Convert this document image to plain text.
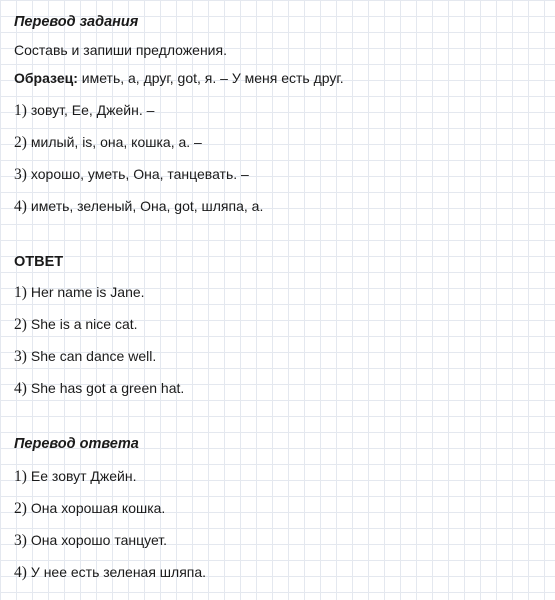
Перевод задания
Составь и запиши предложения.
Образец: иметь, а, друг, got, я. – У меня есть друг.
1) зовут, Ее, Джейн. –
2) милый, is, она, кошка, а. –
3) хорошо, уметь, Она, танцевать. –
4) иметь, зеленый, Она, got, шляпа, а.
ОТВЕТ
1) Her name is Jane.
2) She is a nice cat.
3) She can dance well.
4) She has got a green hat.
Перевод ответа
1) Ее зовут Джейн.
2) Она хорошая кошка.
3) Она хорошо танцует.
4) У нее есть зеленая шляпа.
